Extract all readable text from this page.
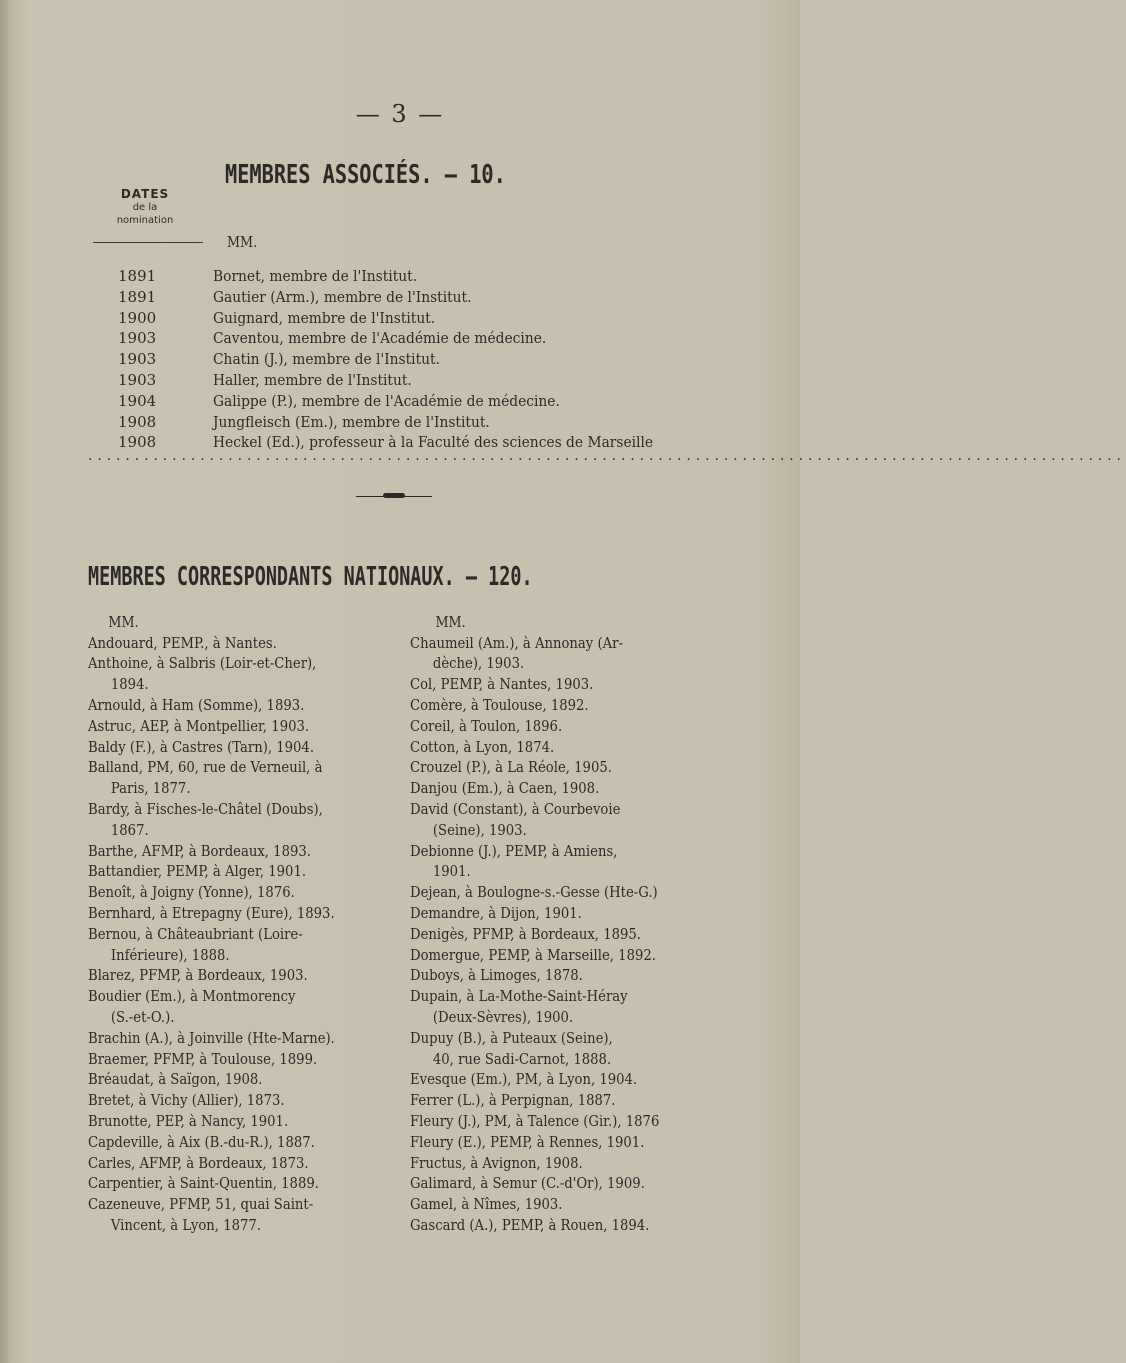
— 3 —
MEMBRES ASSOCIÉS. — 10.
DATES
de la
nomination
MM.
1891	Bornet, membre de l'Institut.
1891	Gautier (Arm.), membre de l'Institut.
1900	Guignard, membre de l'Institut.
1903	Caventou, membre de l'Académie de médecine.
1903	Chatin (J.), membre de l'Institut.
1903	Haller, membre de l'Institut.
1904	Galippe (P.), membre de l'Académie de médecine.
1908	Jungfleisch (Em.), membre de l'Institut.
1908	Heckel (Ed.), professeur à la Faculté des sciences de Marseille
...............................................................................................................
MEMBRES CORRESPONDANTS NATIONAUX. — 120.
MM.
Andouard, PEMP., à Nantes.
Anthoine, à Salbris (Loir-et-Cher),
1894.
Arnould, à Ham (Somme), 1893.
Astruc, AEP, à Montpellier, 1903.
Baldy (F.), à Castres (Tarn), 1904.
Balland, PM, 60, rue de Verneuil, à
Paris, 1877.
Bardy, à Fisches-le-Châtel (Doubs),
1867.
Barthe, AFMP, à Bordeaux, 1893.
Battandier, PEMP, à Alger, 1901.
Benoît, à Joigny (Yonne), 1876.
Bernhard, à Etrepagny (Eure), 1893.
Bernou, à Châteaubriant (Loire-
Inférieure), 1888.
Blarez, PFMP, à Bordeaux, 1903.
Boudier (Em.), à Montmorency
(S.-et-O.).
Brachin (A.), à Joinville (Hte-Marne).
Braemer, PFMP, à Toulouse, 1899.
Bréaudat, à Saïgon, 1908.
Bretet, à Vichy (Allier), 1873.
Brunotte, PEP, à Nancy, 1901.
Capdeville, à Aix (B.-du-R.), 1887.
Carles, AFMP, à Bordeaux, 1873.
Carpentier, à Saint-Quentin, 1889.
Cazeneuve, PFMP, 51, quai Saint-
Vincent, à Lyon, 1877.
MM.
Chaumeil (Am.), à Annonay (Ar-
dèche), 1903.
Col, PEMP, à Nantes, 1903.
Comère, à Toulouse, 1892.
Coreil, à Toulon, 1896.
Cotton, à Lyon, 1874.
Crouzel (P.), à La Réole, 1905.
Danjou (Em.), à Caen, 1908.
David (Constant), à Courbevoie
(Seine), 1903.
Debionne (J.), PEMP, à Amiens,
1901.
Dejean, à Boulogne-s.-Gesse (Hte-G.)
Demandre, à Dijon, 1901.
Denigès, PFMP, à Bordeaux, 1895.
Domergue, PEMP, à Marseille, 1892.
Duboys, à Limoges, 1878.
Dupain, à La-Mothe-Saint-Héray
(Deux-Sèvres), 1900.
Dupuy (B.), à Puteaux (Seine),
40, rue Sadi-Carnot, 1888.
Evesque (Em.), PM, à Lyon, 1904.
Ferrer (L.), à Perpignan, 1887.
Fleury (J.), PM, à Talence (Gir.), 1876
Fleury (E.), PEMP, à Rennes, 1901.
Fructus, à Avignon, 1908.
Galimard, à Semur (C.-d'Or), 1909.
Gamel, à Nîmes, 1903.
Gascard (A.), PEMP, à Rouen, 1894.
